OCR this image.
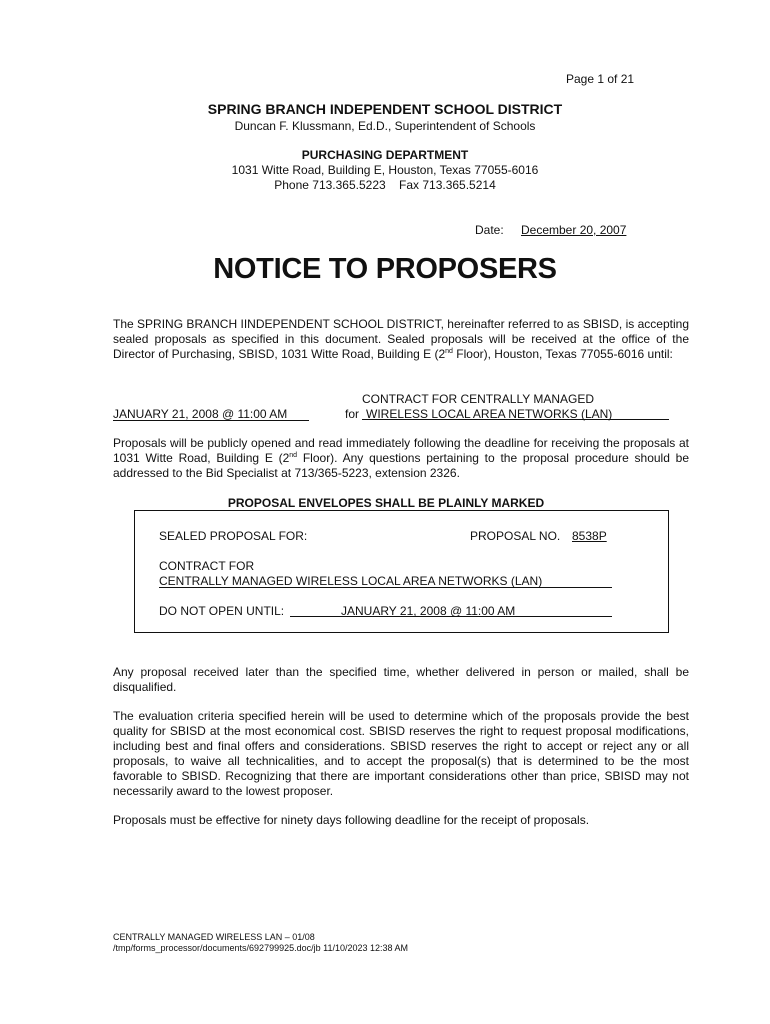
Page 1 of 21
SPRING BRANCH INDEPENDENT SCHOOL DISTRICT
Duncan F. Klussmann, Ed.D., Superintendent of Schools
PURCHASING DEPARTMENT
1031 Witte Road, Building E, Houston, Texas 77055-6016
Phone 713.365.5223    Fax 713.365.5214
Date: December 20, 2007
NOTICE TO PROPOSERS
The SPRING BRANCH IINDEPENDENT SCHOOL DISTRICT, hereinafter referred to as SBISD, is accepting sealed proposals as specified in this document. Sealed proposals will be received at the office of the Director of Purchasing, SBISD, 1031 Witte Road, Building E (2nd Floor), Houston, Texas 77055-6016 until:
CONTRACT FOR CENTRALLY MANAGED
JANUARY 21, 2008 @ 11:00 AM	for WIRELESS LOCAL AREA NETWORKS (LAN)
Proposals will be publicly opened and read immediately following the deadline for receiving the proposals at 1031 Witte Road, Building E (2nd Floor). Any questions pertaining to the proposal procedure should be addressed to the Bid Specialist at 713/365-5223, extension 2326.
PROPOSAL ENVELOPES SHALL BE PLAINLY MARKED
SEALED PROPOSAL FOR:	PROPOSAL NO. 8538P
CONTRACT FOR
CENTRALLY MANAGED WIRELESS LOCAL AREA NETWORKS (LAN)
DO NOT OPEN UNTIL:	JANUARY 21, 2008 @ 11:00 AM
Any proposal received later than the specified time, whether delivered in person or mailed, shall be disqualified.
The evaluation criteria specified herein will be used to determine which of the proposals provide the best quality for SBISD at the most economical cost. SBISD reserves the right to request proposal modifications, including best and final offers and considerations. SBISD reserves the right to accept or reject any or all proposals, to waive all technicalities, and to accept the proposal(s) that is determined to be the most favorable to SBISD. Recognizing that there are important considerations other than price, SBISD may not necessarily award to the lowest proposer.
Proposals must be effective for ninety days following deadline for the receipt of proposals.
CENTRALLY MANAGED WIRELESS LAN – 01/08
/tmp/forms_processor/documents/692799925.doc/jb 11/10/2023 12:38 AM
